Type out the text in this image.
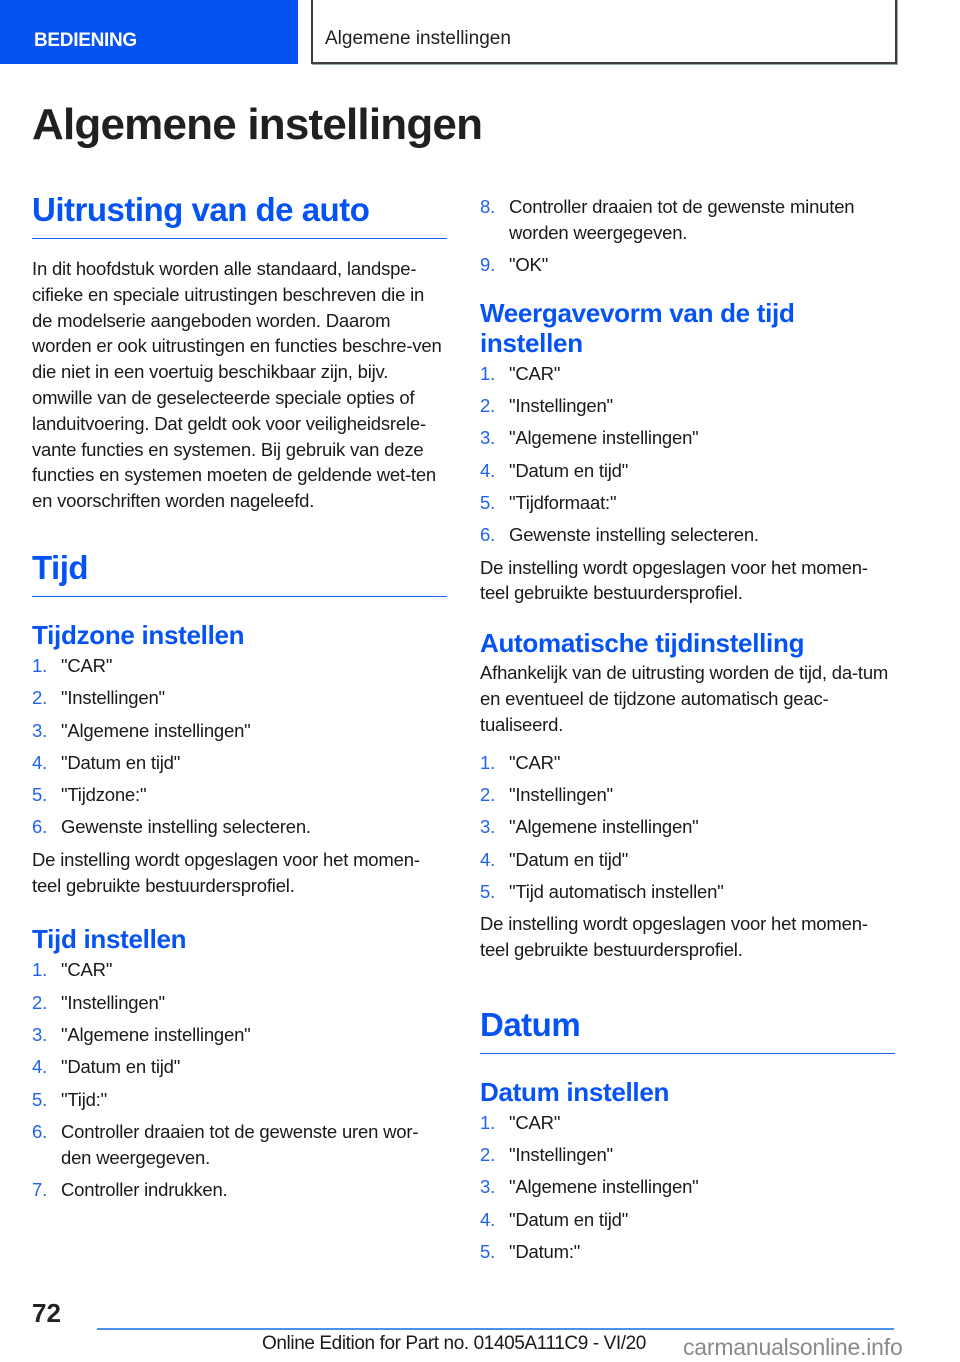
BEDIENING	Algemene instellingen
Algemene instellingen
Uitrusting van de auto

In dit hoofdstuk worden alle standaard, landspe-cifieke en speciale uitrustingen beschreven die in de modelserie aangeboden worden. Daarom worden er ook uitrustingen en functies beschre-ven die niet in een voertuig beschikbaar zijn, bijv. omwille van de geselecteerde speciale opties of landuitvoering. Dat geldt ook voor veiligheidsrele-vante functies en systemen. Bij gebruik van deze functies en systemen moeten de geldende wet-ten en voorschriften worden nageleefd.

Tijd
Tijdzone instellen
1. "CAR"
2. "Instellingen"
3. "Algemene instellingen"
4. "Datum en tijd"
5. "Tijdzone:"
6. Gewenste instelling selecteren.

De instelling wordt opgeslagen voor het momen-teel gebruikte bestuurdersprofiel.

Tijd instellen
1. "CAR"
2. "Instellingen"
3. "Algemene instellingen"
4. "Datum en tijd"
5. "Tijd:"
6. Controller draaien tot de gewenste uren wor-den weergegeven.
7. Controller indrukken.
8. Controller draaien tot de gewenste minuten worden weergegeven.
9. "OK"
Weergavevorm van de tijd instellen
1. "CAR"
2. "Instellingen"
3. "Algemene instellingen"
4. "Datum en tijd"
5. "Tijdformaat:"
6. Gewenste instelling selecteren.

De instelling wordt opgeslagen voor het momen-teel gebruikte bestuurdersprofiel.

Automatische tijdinstelling

Afhankelijk van de uitrusting worden de tijd, da-tum en eventueel de tijdzone automatisch geac-tualiseerd.

1. "CAR"
2. "Instellingen"
3. "Algemene instellingen"
4. "Datum en tijd"
5. "Tijd automatisch instellen"

De instelling wordt opgeslagen voor het momen-teel gebruikte bestuurdersprofiel.

Datum
Datum instellen
1. "CAR"
2. "Instellingen"
3. "Algemene instellingen"
4. "Datum en tijd"
5. "Datum:"
72
Online Edition for Part no. 01405A111C9 - VI/20 carmanualsonline.info
